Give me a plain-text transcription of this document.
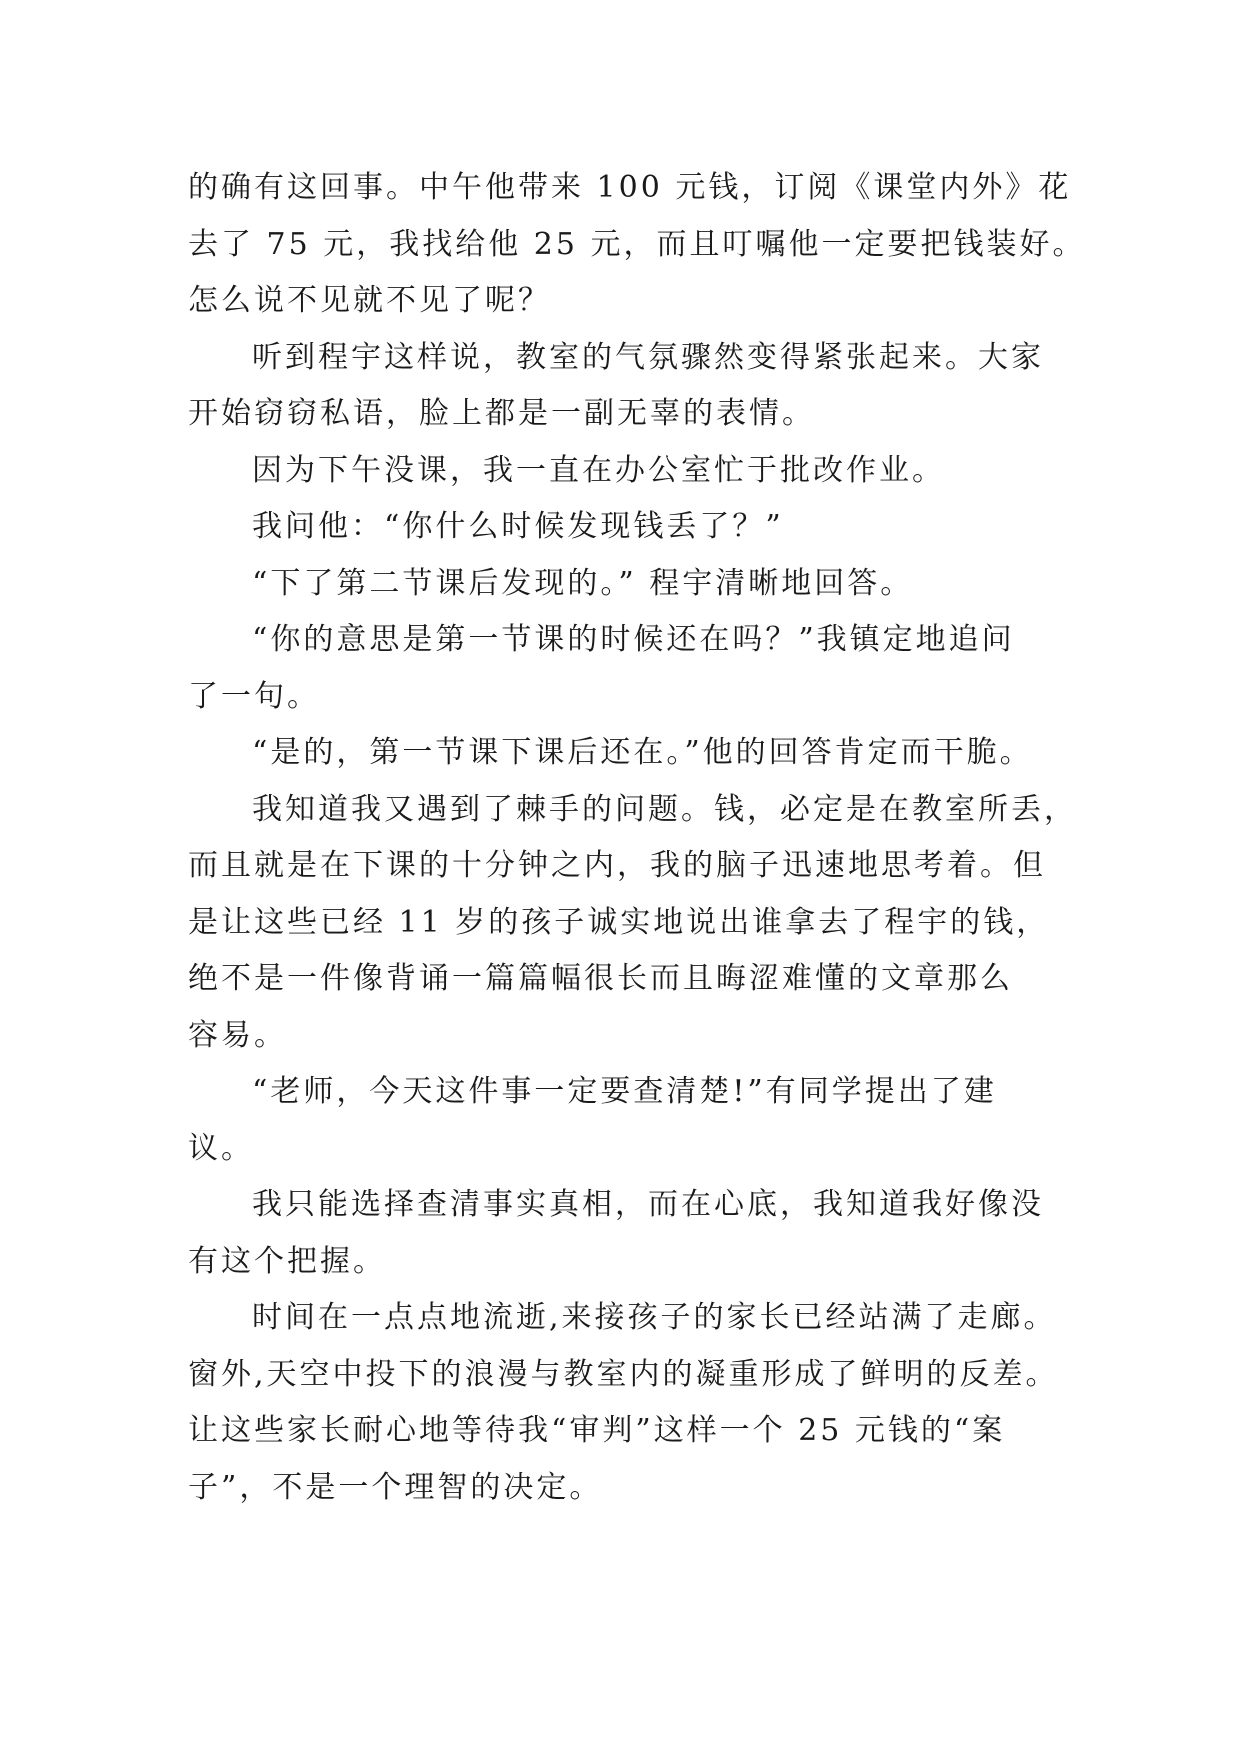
的确有这回事。中午他带来 100 元钱，订阅《课堂内外》花
去了 75 元，我找给他 25 元，而且叮嘱他一定要把钱装好。
怎么说不见就不见了呢？
听到程宇这样说，教室的气氛骤然变得紧张起来。大家
开始窃窃私语，脸上都是一副无辜的表情。
因为下午没课，我一直在办公室忙于批改作业。
我问他：“你什么时候发现钱丢了？”
“下了第二节课后发现的。” 程宇清晰地回答。
“你的意思是第一节课的时候还在吗？”我镇定地追问
了一句。
“是的，第一节课下课后还在。”他的回答肯定而干脆。
我知道我又遇到了棘手的问题。钱，必定是在教室所丢，
而且就是在下课的十分钟之内，我的脑子迅速地思考着。但
是让这些已经 11 岁的孩子诚实地说出谁拿去了程宇的钱，
绝不是一件像背诵一篇篇幅很长而且晦涩难懂的文章那么
容易。
“老师，今天这件事一定要查清楚!”有同学提出了建
议。
我只能选择查清事实真相，而在心底，我知道我好像没
有这个把握。
时间在一点点地流逝,来接孩子的家长已经站满了走廊。
窗外,天空中投下的浪漫与教室内的凝重形成了鲜明的反差。
让这些家长耐心地等待我“审判”这样一个 25 元钱的“案
子”，不是一个理智的决定。
